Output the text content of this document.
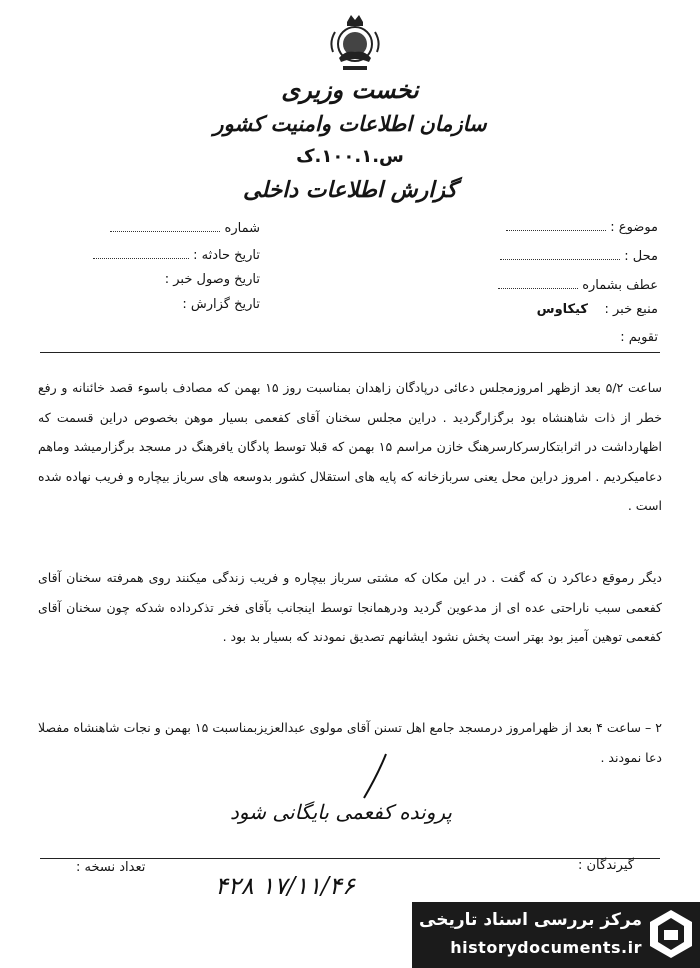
نخست وزیری
سازمان اطلاعات وامنیت کشور
س.۱۰۰.۱.ک
گزارش اطلاعات داخلی
موضوع :
محل :
عطف بشماره
منبع خبر :    کیکاوس
تقویم :
شماره
تاریخ حادثه :
تاریخ وصول خبر :
تاریخ گزارش :
ساعت ۵/۲ بعد ازظهر امروزمجلس دعائی درپادگان زاهدان بمناسبت روز ۱۵ بهمن که مصادف باسوء قصد خائنانه و رفع خطر از ذات شاهنشاه بود برگزارگردید . دراین مجلس سخنان آقای کفعمی بسیار موهن بخصوص دراین قسمت که اظهارداشت در اثرابتکارسرکارسرهنگ خازن مراسم ۱۵ بهمن که قبلا توسط پادگان یافرهنگ در مسجد برگزارمیشد وماهم دعامیکردیم . امروز دراین محل یعنی سربازخانه که پایه های استقلال کشور بدوسعه های سرباز بیچاره و فریب نهاده شده است .
دیگر رموقع دعاکرد ن که گفت . در این مکان که مشتی سرباز بیچاره و فریب زندگی میکنند روی همرفته سخنان آقای کفعمی سبب ناراحتی عده ای از مدعوین گردید ودرهمانجا توسط اینجانب بآقای فخر تذکرداده شدکه چون سخنان آقای کفعمی توهین آمیز بود بهتر است پخش نشود ایشانهم تصدیق نمودند که بسیار بد بود .
۲ – ساعت ۴ بعد از ظهرامروز درمسجد جامع اهل تسنن آقای مولوی عبدالعزیزبمناسبت ۱۵ بهمن و نجات شاهنشاه مفصلا دعا نمودند .
پرونده کفعمی بایگانی شود
تعداد نسخه :	گیرندگان :
۱۷/۱۱/۴۶ ۴۲۸
مرکز بررسی اسناد تاریخی
historydocuments.ir
